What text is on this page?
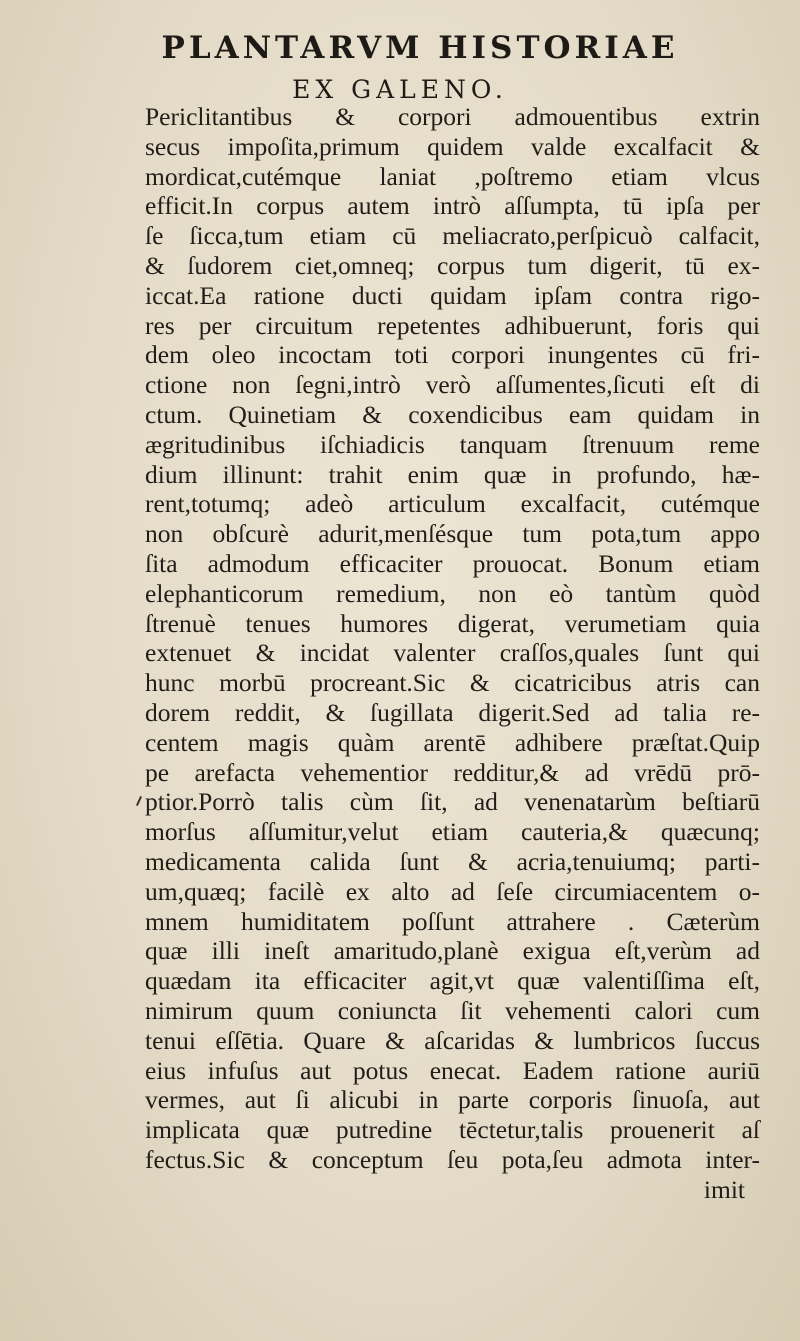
PLANTARVM HISTORIAE
EX GALENO.
Periclitantibus & corpori admouentibus extrin
secus impoſita,primum quidem valde excalfacit &
mordicat,cutémque laniat ,poſtremo etiam vlcus
efficit.In corpus autem intrò aſſumpta, tū ipſa per
ſe ſicca,tum etiam cū meliacrato,perſpicuò calfacit,
& ſudorem ciet,omneq; corpus tum digerit, tū ex-
iccat.Ea ratione ducti quidam ipſam contra rigo-
res per circuitum repetentes adhibuerunt, foris qui
dem oleo incoctam toti corpori inungentes cū fri-
ctione non ſegni,intrò verò aſſumentes,ſicuti eſt di
ctum. Quinetiam & coxendicibus eam quidam in
ægritudinibus iſchiadicis tanquam ſtrenuum reme
dium illinunt: trahit enim quæ in profundo, hæ-
rent,totumq; adeò articulum excalfacit, cutémque
non obſcurè adurit,menſésque tum pota,tum appo
ſita admodum efficaciter prouocat. Bonum etiam
elephanticorum remedium, non eò tantùm quòd
ſtrenuè tenues humores digerat, verumetiam quia
extenuet & incidat valenter craſſos,quales ſunt qui
hunc morbū procreant.Sic & cicatricibus atris can
dorem reddit, & ſugillata digerit.Sed ad talia re-
centem magis quàm arentē adhibere præſtat.Quip
pe arefacta vehementior redditur,& ad vrēdū prō-
ptior.Porrò talis cùm ſit, ad venenatarùm beſtiarū
morſus aſſumitur,velut etiam cauteria,& quæcunq;
medicamenta calida ſunt & acria,tenuiumq; parti-
um,quæq; facilè ex alto ad ſeſe circumiacentem o-
mnem humiditatem poſſunt attrahere . Cæterùm
quæ illi ineſt amaritudo,planè exigua eſt,verùm ad
quædam ita efficaciter agit,vt quæ valentiſſima eſt,
nimirum quum coniuncta ſit vehementi calori cum
tenui eſſētia. Quare & aſcaridas & lumbricos ſuccus
eius infuſus aut potus enecat. Eadem ratione auriū
vermes, aut ſi alicubi in parte corporis ſinuoſa, aut
implicata quæ putredine tēctetur,talis prouenerit aſ
fectus.Sic & conceptum ſeu pota,ſeu admota inter-
imit
